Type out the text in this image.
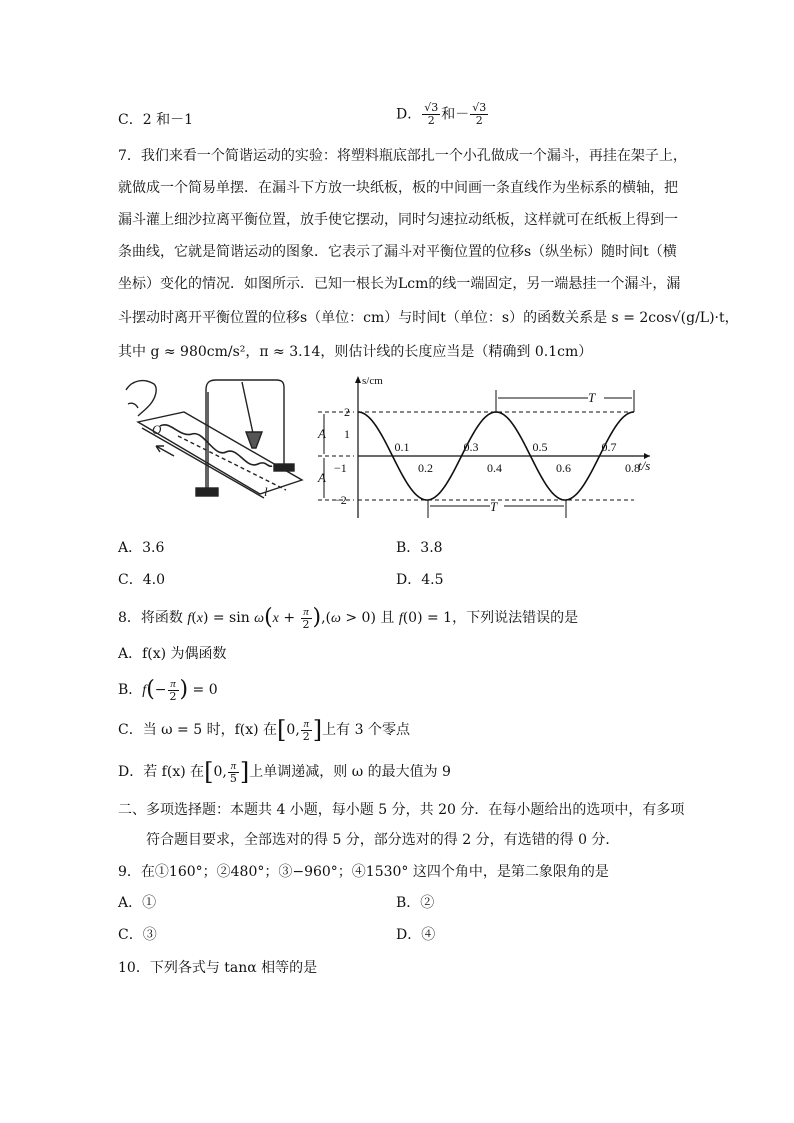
C．2 和－1	D． $\frac{√3}{2}$ 和－ $\frac{√3}{2}$
7．我们来看一个简谐运动的实验：将塑料瓶底部扎一个小孔做成一个漏斗，再挂在架子上，
就做成一个简易单摆．在漏斗下方放一块纸板，板的中间画一条直线作为坐标系的横轴，把
漏斗灌上细沙拉离平衡位置，放手使它摆动，同时匀速拉动纸板，这样就可在纸板上得到一
条曲线，它就是简谐运动的图象．它表示了漏斗对平衡位置的位移s（纵坐标）随时间t（横
坐标）变化的情况．如图所示．已知一根长为Lcm的线一端固定，另一端悬挂一个漏斗，漏
斗摆动时离开平衡位置的位移s（单位：cm）与时间t（单位：s）的函数关系是 s = 2cos√(g/L)·t，
其中 g ≈ 980cm/s²，π ≈ 3.14，则估计线的长度应当是（精确到 0.1cm）
O
l
s/cm
t/s
A
A
2
1
−1
−2
T
T
0.2	0.4	0.6	0.8
0.1	0.3	0.5	0.7
A．3.6	B．3.8
C．4.0	D．4.5
8．将函数 $f(x) = \sin \omega(x + \frac{\pi}{2} ),(\omega > 0)$ 且 f(0) = 1，下列说法错误的是
A．f(x) 为偶函数
B．$f(- \frac{\pi}{2}$ ) = 0
C．当 ω = 5 时，f(x) 在[0, $\frac{\pi}{2}$ ]上有 3 个零点
D．若 f(x) 在[0, $\frac{\pi}{5}$ ]上单调递减，则 ω 的最大值为 9
二、多项选择题：本题共 4 小题，每小题 5 分，共 20 分．在每小题给出的选项中，有多项
符合题目要求，全部选对的得 5 分，部分选对的得 2 分，有选错的得 0 分．
9．在①160°；②480°；③−960°；④1530° 这四个角中，是第二象限角的是
A．①	B．②
C．③	D．④
10．下列各式与 tanα 相等的是
